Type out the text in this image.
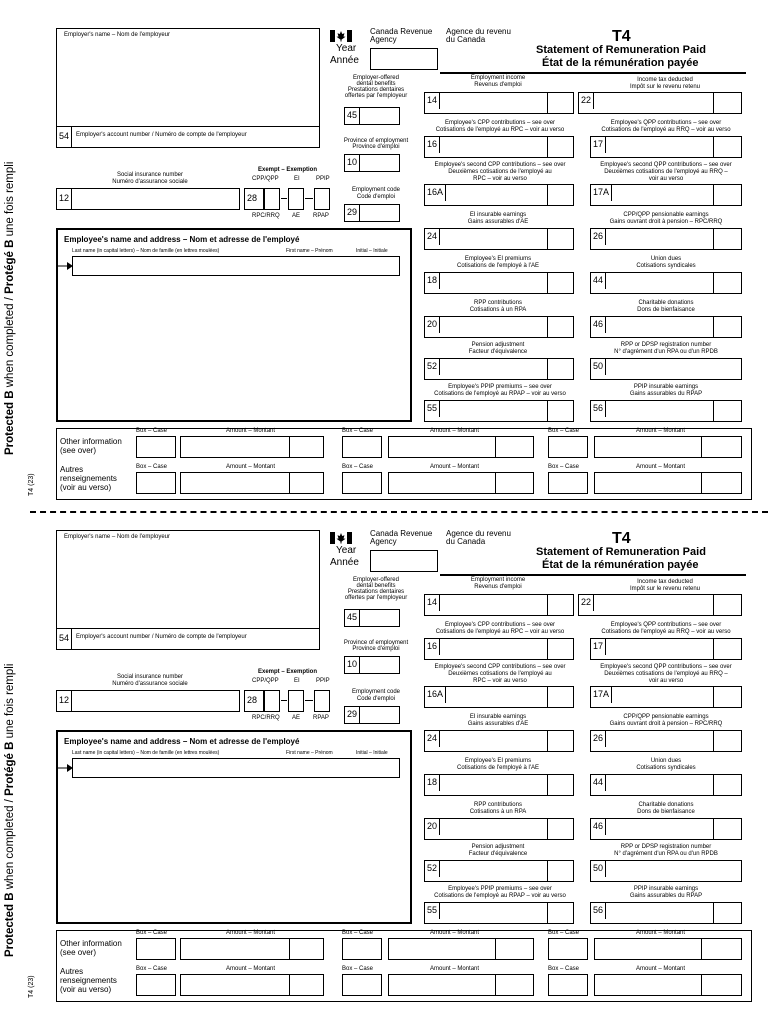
Employer's name – Nom de l'employeur	Canada Revenue
Agency
Agence du revenu
du Canada
Year
Année
T4
Statement of Remuneration Paid
État de la rémunération payée
Employer-offered
dental benefits
Prestations dentaires
offertes par l'employeur
45
Province of employment
Province d'emploi
10
Employment code
Code d'emploi
29
54	Employer's account number / Numéro de compte de l'employeur
Social insurance number
Numéro d'assurance sociale
12
Exempt – Exemption
CPP/QPP	EI	PPIP
28
RPC/RRQ AE RPAP
Employee's name and address – Nom et adresse de l'employé
Last name (in capital letters) – Nom de famille (en lettres moulées)	First name – Prénom	Initial – Initiale
Employment income
Revenus d'emploi
14
Income tax deducted
Impôt sur le revenu retenu
22
Employee's CPP contributions – see over
Cotisations de l'employé au RPC – voir au verso
16
Employee's QPP contributions – see over
Cotisations de l'employé au RRQ – voir au verso
17
Employee's second CPP contributions – see over
Deuxièmes cotisations de l'employé au
RPC – voir au verso
16A
Employee's second QPP contributions – see over
Deuxièmes cotisations de l'employé au RRQ –
voir au verso
17A
EI insurable earnings
Gains assurables d'AE
24
CPP/QPP pensionable earnings
Gains ouvrant droit à pension – RPC/RRQ
26
Employee's EI premiums
Cotisations de l'employé à l'AE
18
Union dues
Cotisations syndicales
44
RPP contributions
Cotisations à un RPA
20
Charitable donations
Dons de bienfaisance
46
Pension adjustment
Facteur d'équivalence
52
RPP or DPSP registration number
N° d'agrément d'un RPA ou d'un RPDB
50
Employee's PPIP premiums – see over
Cotisations de l'employé au RPAP – voir au verso
55
PPIP insurable earnings
Gains assurables du RPAP
56
Other information
(see over)
Autres
renseignements
(voir au verso)
Box – Case	Amount – Montant	Box – Case	Amount – Montant	Box – Case	Amount – Montant
Box – Case	Amount – Montant	Box – Case	Amount – Montant	Box – Case	Amount – Montant
Protected B when completed / Protégé B une fois rempli
T4 (23)
Employer's name – Nom de l'employeur	Canada Revenue
Agency
Agence du revenu
du Canada
Year
Année
T4
Statement of Remuneration Paid
État de la rémunération payée
Employer-offered
dental benefits
Prestations dentaires
offertes par l'employeur
45
Province of employment
Province d'emploi
10
Employment code
Code d'emploi
29
54	Employer's account number / Numéro de compte de l'employeur
Social insurance number
Numéro d'assurance sociale
12
Exempt – Exemption
CPP/QPP	EI	PPIP
28
RPC/RRQ AE RPAP
Employee's name and address – Nom et adresse de l'employé
Last name (in capital letters) – Nom de famille (en lettres moulées)	First name – Prénom	Initial – Initiale
Employment income
Revenus d'emploi
14
Income tax deducted
Impôt sur le revenu retenu
22
Employee's CPP contributions – see over
Cotisations de l'employé au RPC – voir au verso
16
Employee's QPP contributions – see over
Cotisations de l'employé au RRQ – voir au verso
17
Employee's second CPP contributions – see over
Deuxièmes cotisations de l'employé au
RPC – voir au verso
16A
Employee's second QPP contributions – see over
Deuxièmes cotisations de l'employé au RRQ –
voir au verso
17A
EI insurable earnings
Gains assurables d'AE
24
CPP/QPP pensionable earnings
Gains ouvrant droit à pension – RPC/RRQ
26
Employee's EI premiums
Cotisations de l'employé à l'AE
18
Union dues
Cotisations syndicales
44
RPP contributions
Cotisations à un RPA
20
Charitable donations
Dons de bienfaisance
46
Pension adjustment
Facteur d'équivalence
52
RPP or DPSP registration number
N° d'agrément d'un RPA ou d'un RPDB
50
Employee's PPIP premiums – see over
Cotisations de l'employé au RPAP – voir au verso
55
PPIP insurable earnings
Gains assurables du RPAP
56
Other information
(see over)
Autres
renseignements
(voir au verso)
Box – Case	Amount – Montant	Box – Case	Amount – Montant	Box – Case	Amount – Montant
Box – Case	Amount – Montant	Box – Case	Amount – Montant	Box – Case	Amount – Montant
Protected B when completed / Protégé B une fois rempli
T4 (23)
